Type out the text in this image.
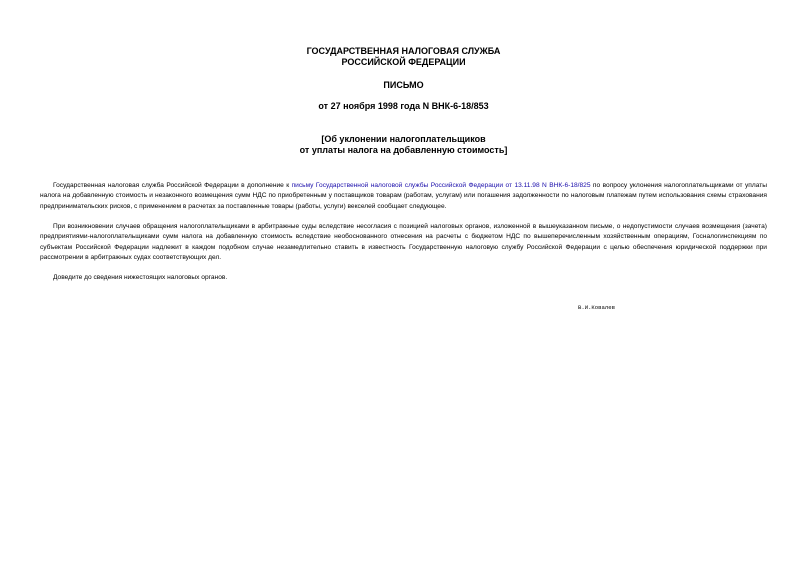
ГОСУДАРСТВЕННАЯ НАЛОГОВАЯ СЛУЖБА
РОССИЙСКОЙ ФЕДЕРАЦИИ
ПИСЬМО
от 27 ноября 1998 года N ВНК-6-18/853
[Об уклонении налогоплательщиков
от уплаты налога на добавленную стоимость]

Государственная налоговая служба Российской Федерации в дополнение к письму Государственной налоговой службы Российской Федерации от 13.11.98 N ВНК-6-18/825 по вопросу уклонения налогоплательщиками от уплаты налога на добавленную стоимость и незаконного возмещения сумм НДС по приобретенным у поставщиков товарам (работам, услугам) или погашения задолженности по налоговым платежам путем использования схемы страхования предпринимательских рисков, с применением в расчетах за поставленные товары (работы, услуги) векселей сообщает следующее.

При возникновении случаев обращения налогоплательщиками в арбитражные суды вследствие несогласия с позицией налоговых органов, изложенной в вышеуказанном письме, о недопустимости случаев возмещения (зачета) предприятиями-налогоплательщиками сумм налога на добавленную стоимость вследствие необоснованного отнесения на расчеты с бюджетом НДС по вышеперечисленным хозяйственным операциям, Госналогинспекциям по субъектам Российской Федерации надлежит в каждом подобном случае незамедлительно ставить в известность Государственную налоговую службу Российской Федерации с целью обеспечения юридической поддержки при рассмотрении в арбитражных судах соответствующих дел.

Доведите до сведения нижестоящих налоговых органов.

В.И.Ковалев
